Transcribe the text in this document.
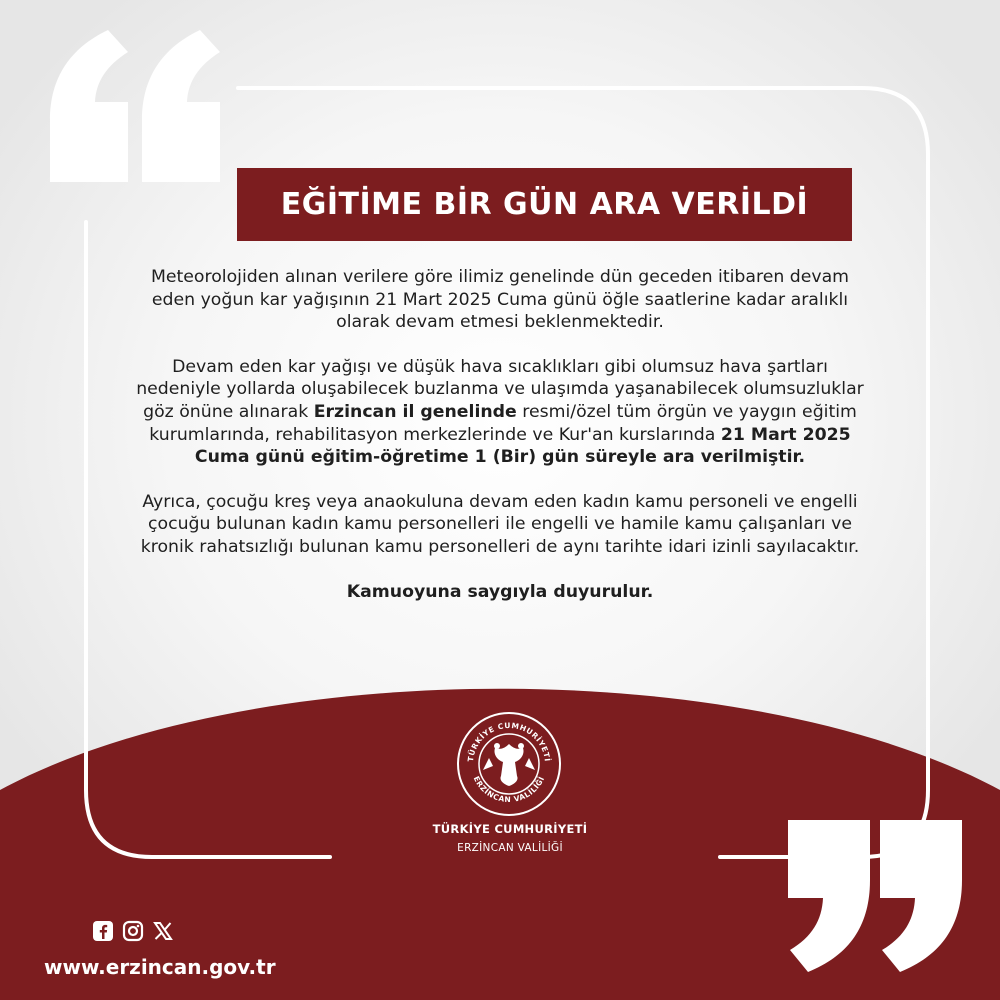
EĞİTİME BİR GÜN ARA VERİLDİ

Meteorolojiden alınan verilere göre ilimiz genelinde dün geceden itibaren devam eden yoğun kar yağışının 21 Mart 2025 Cuma günü öğle saatlerine kadar aralıklı olarak devam etmesi beklenmektedir.

Devam eden kar yağışı ve düşük hava sıcaklıkları gibi olumsuz hava şartları nedeniyle yollarda oluşabilecek buzlanma ve ulaşımda yaşanabilecek olumsuzluklar göz önüne alınarak Erzincan il genelinde resmi/özel tüm örgün ve yaygın eğitim kurumlarında, rehabilitasyon merkezlerinde ve Kur'an kurslarında 21 Mart 2025 Cuma günü eğitim-öğretime 1 (Bir) gün süreyle ara verilmiştir.

Ayrıca, çocuğu kreş veya anaokuluna devam eden kadın kamu personeli ve engelli çocuğu bulunan kadın kamu personelleri ile engelli ve hamile kamu çalışanları ve kronik rahatsızlığı bulunan kamu personelleri de aynı tarihte idari izinli sayılacaktır.

Kamuoyuna saygıyla duyurulur.

TÜRKİYE CUMHURİYETİ
ERZİNCAN VALİLİĞİ
TÜRKİYE CUMHURİYETİ
ERZİNCAN VALİLİĞİ
www.erzincan.gov.tr
